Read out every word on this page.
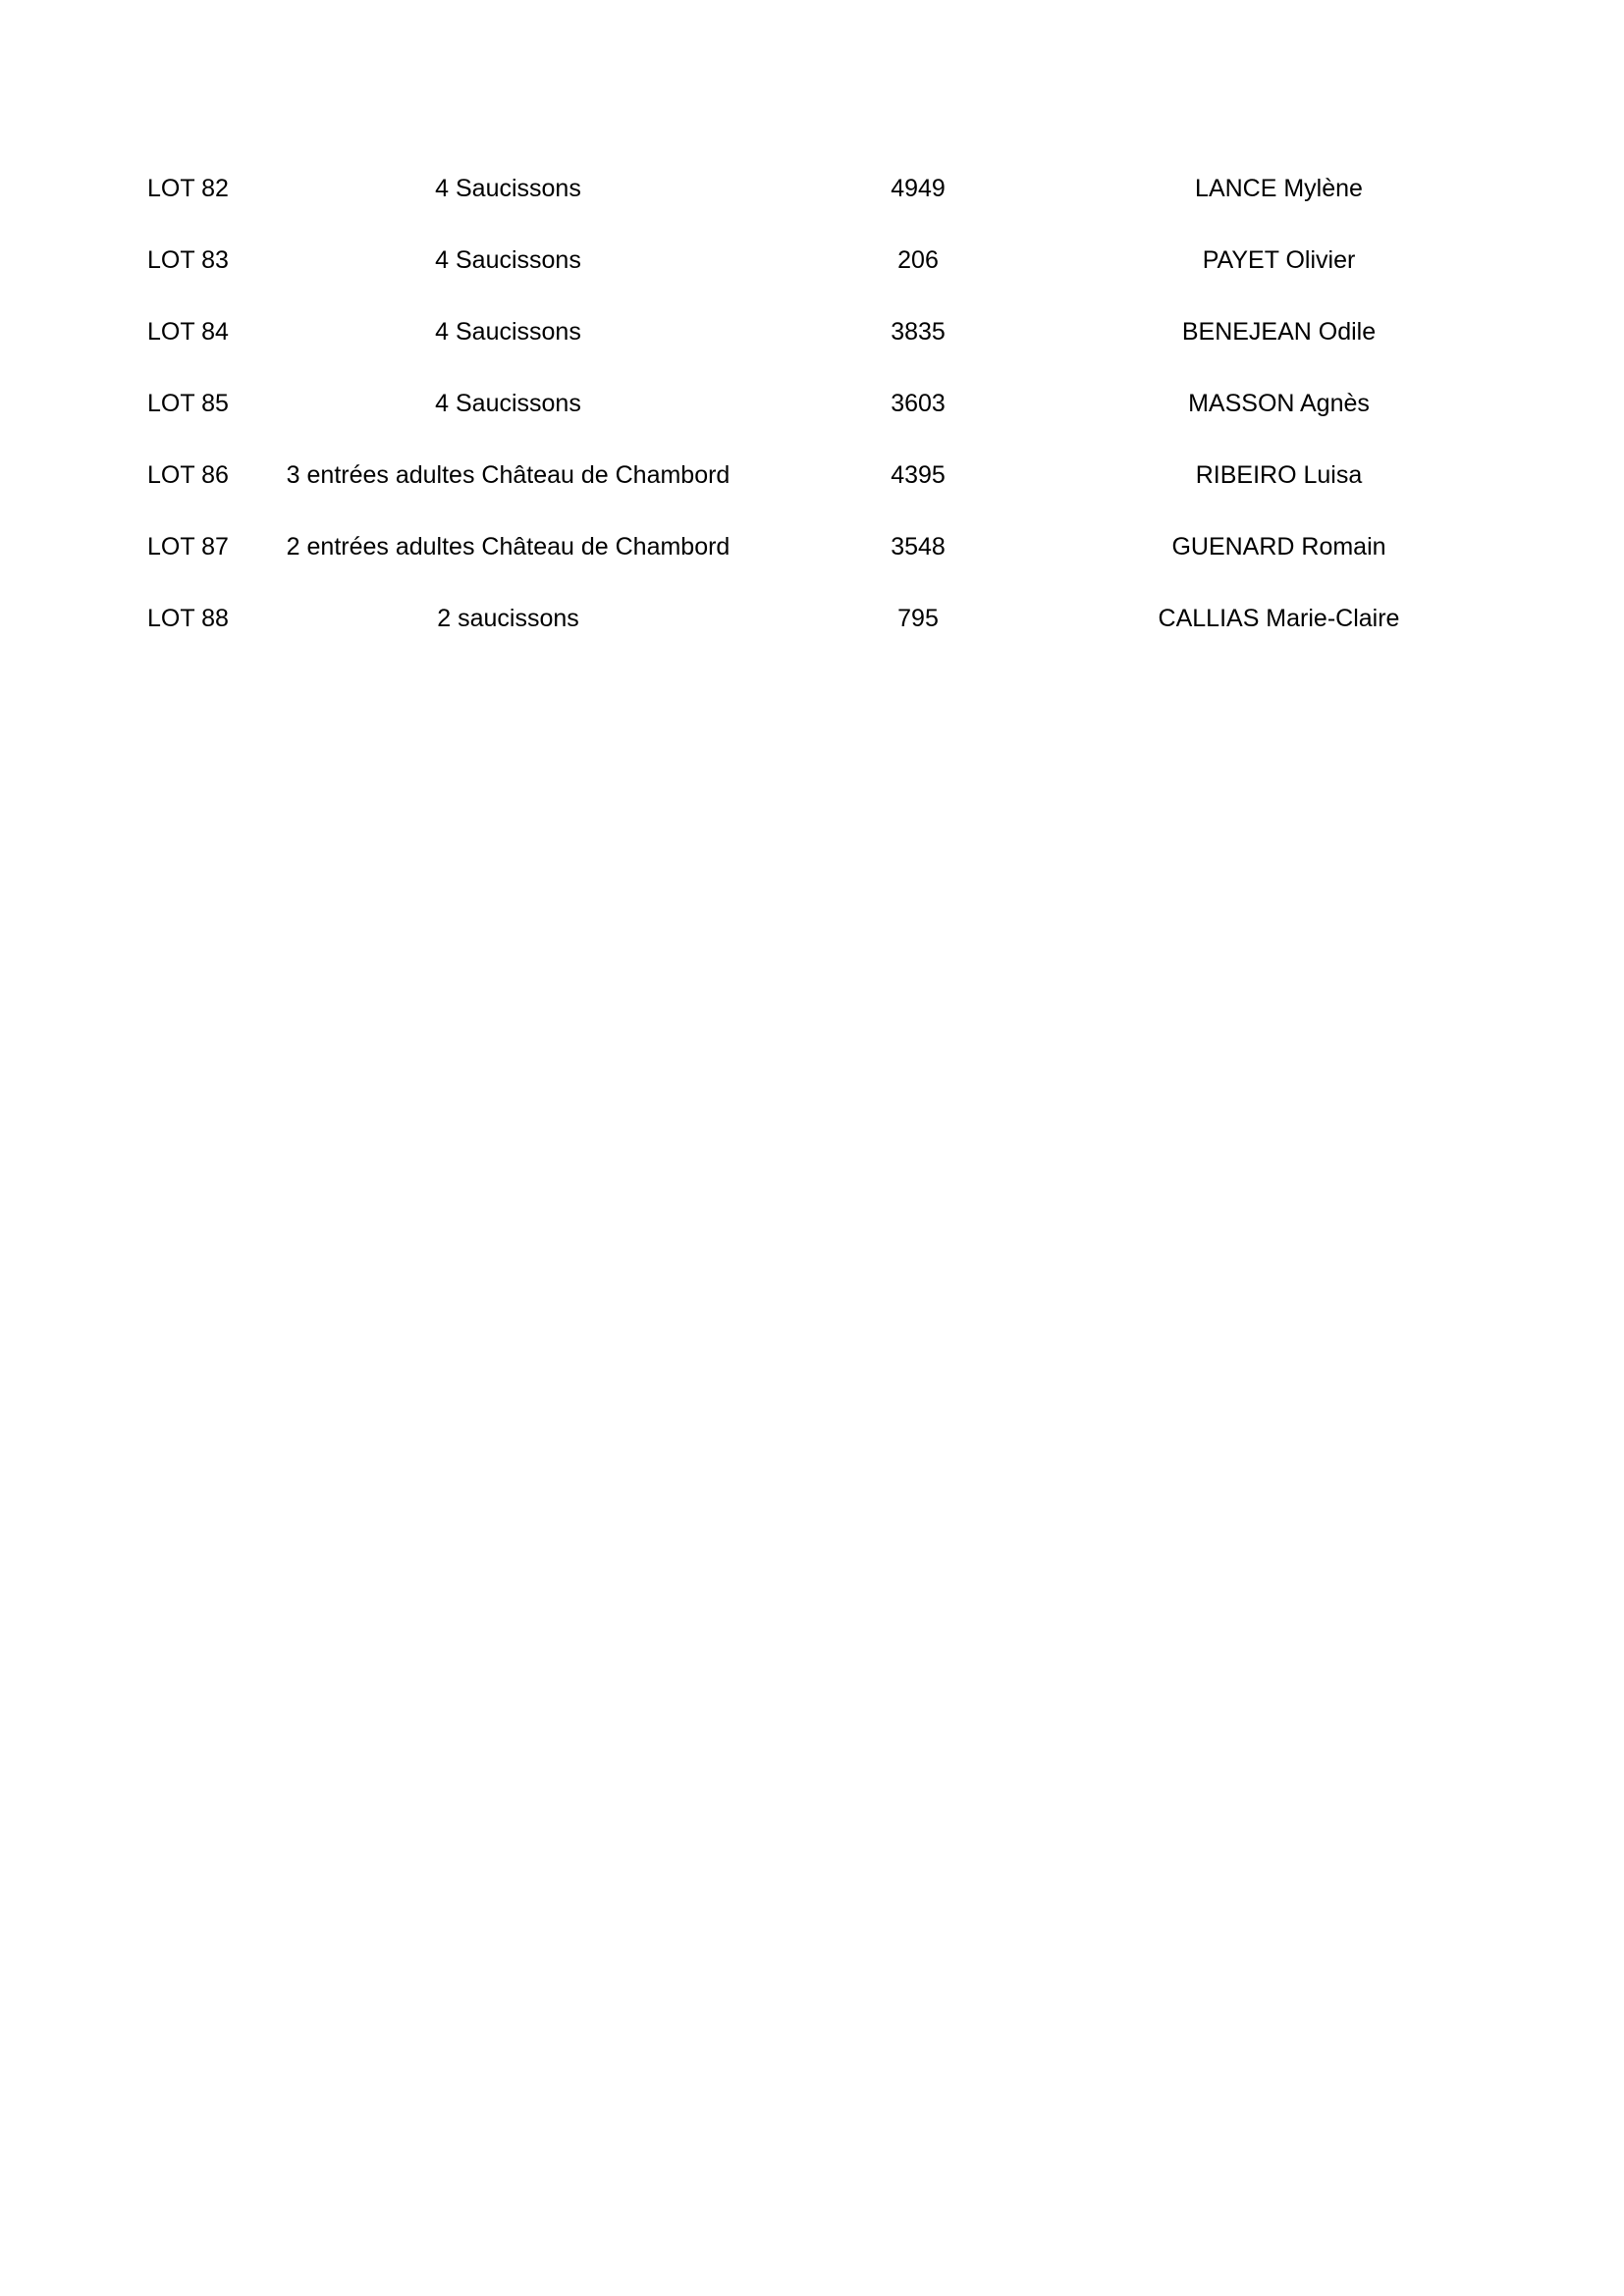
LOT 82	4 Saucissons	4949	LANCE Mylène
LOT 83	4 Saucissons	206	PAYET Olivier
LOT 84	4 Saucissons	3835	BENEJEAN Odile
LOT 85	4 Saucissons	3603	MASSON Agnès
LOT 86	3 entrées adultes Château de Chambord	4395	RIBEIRO Luisa
LOT 87	2 entrées adultes Château de Chambord	3548	GUENARD Romain
LOT 88	2 saucissons	795	CALLIAS Marie-Claire
